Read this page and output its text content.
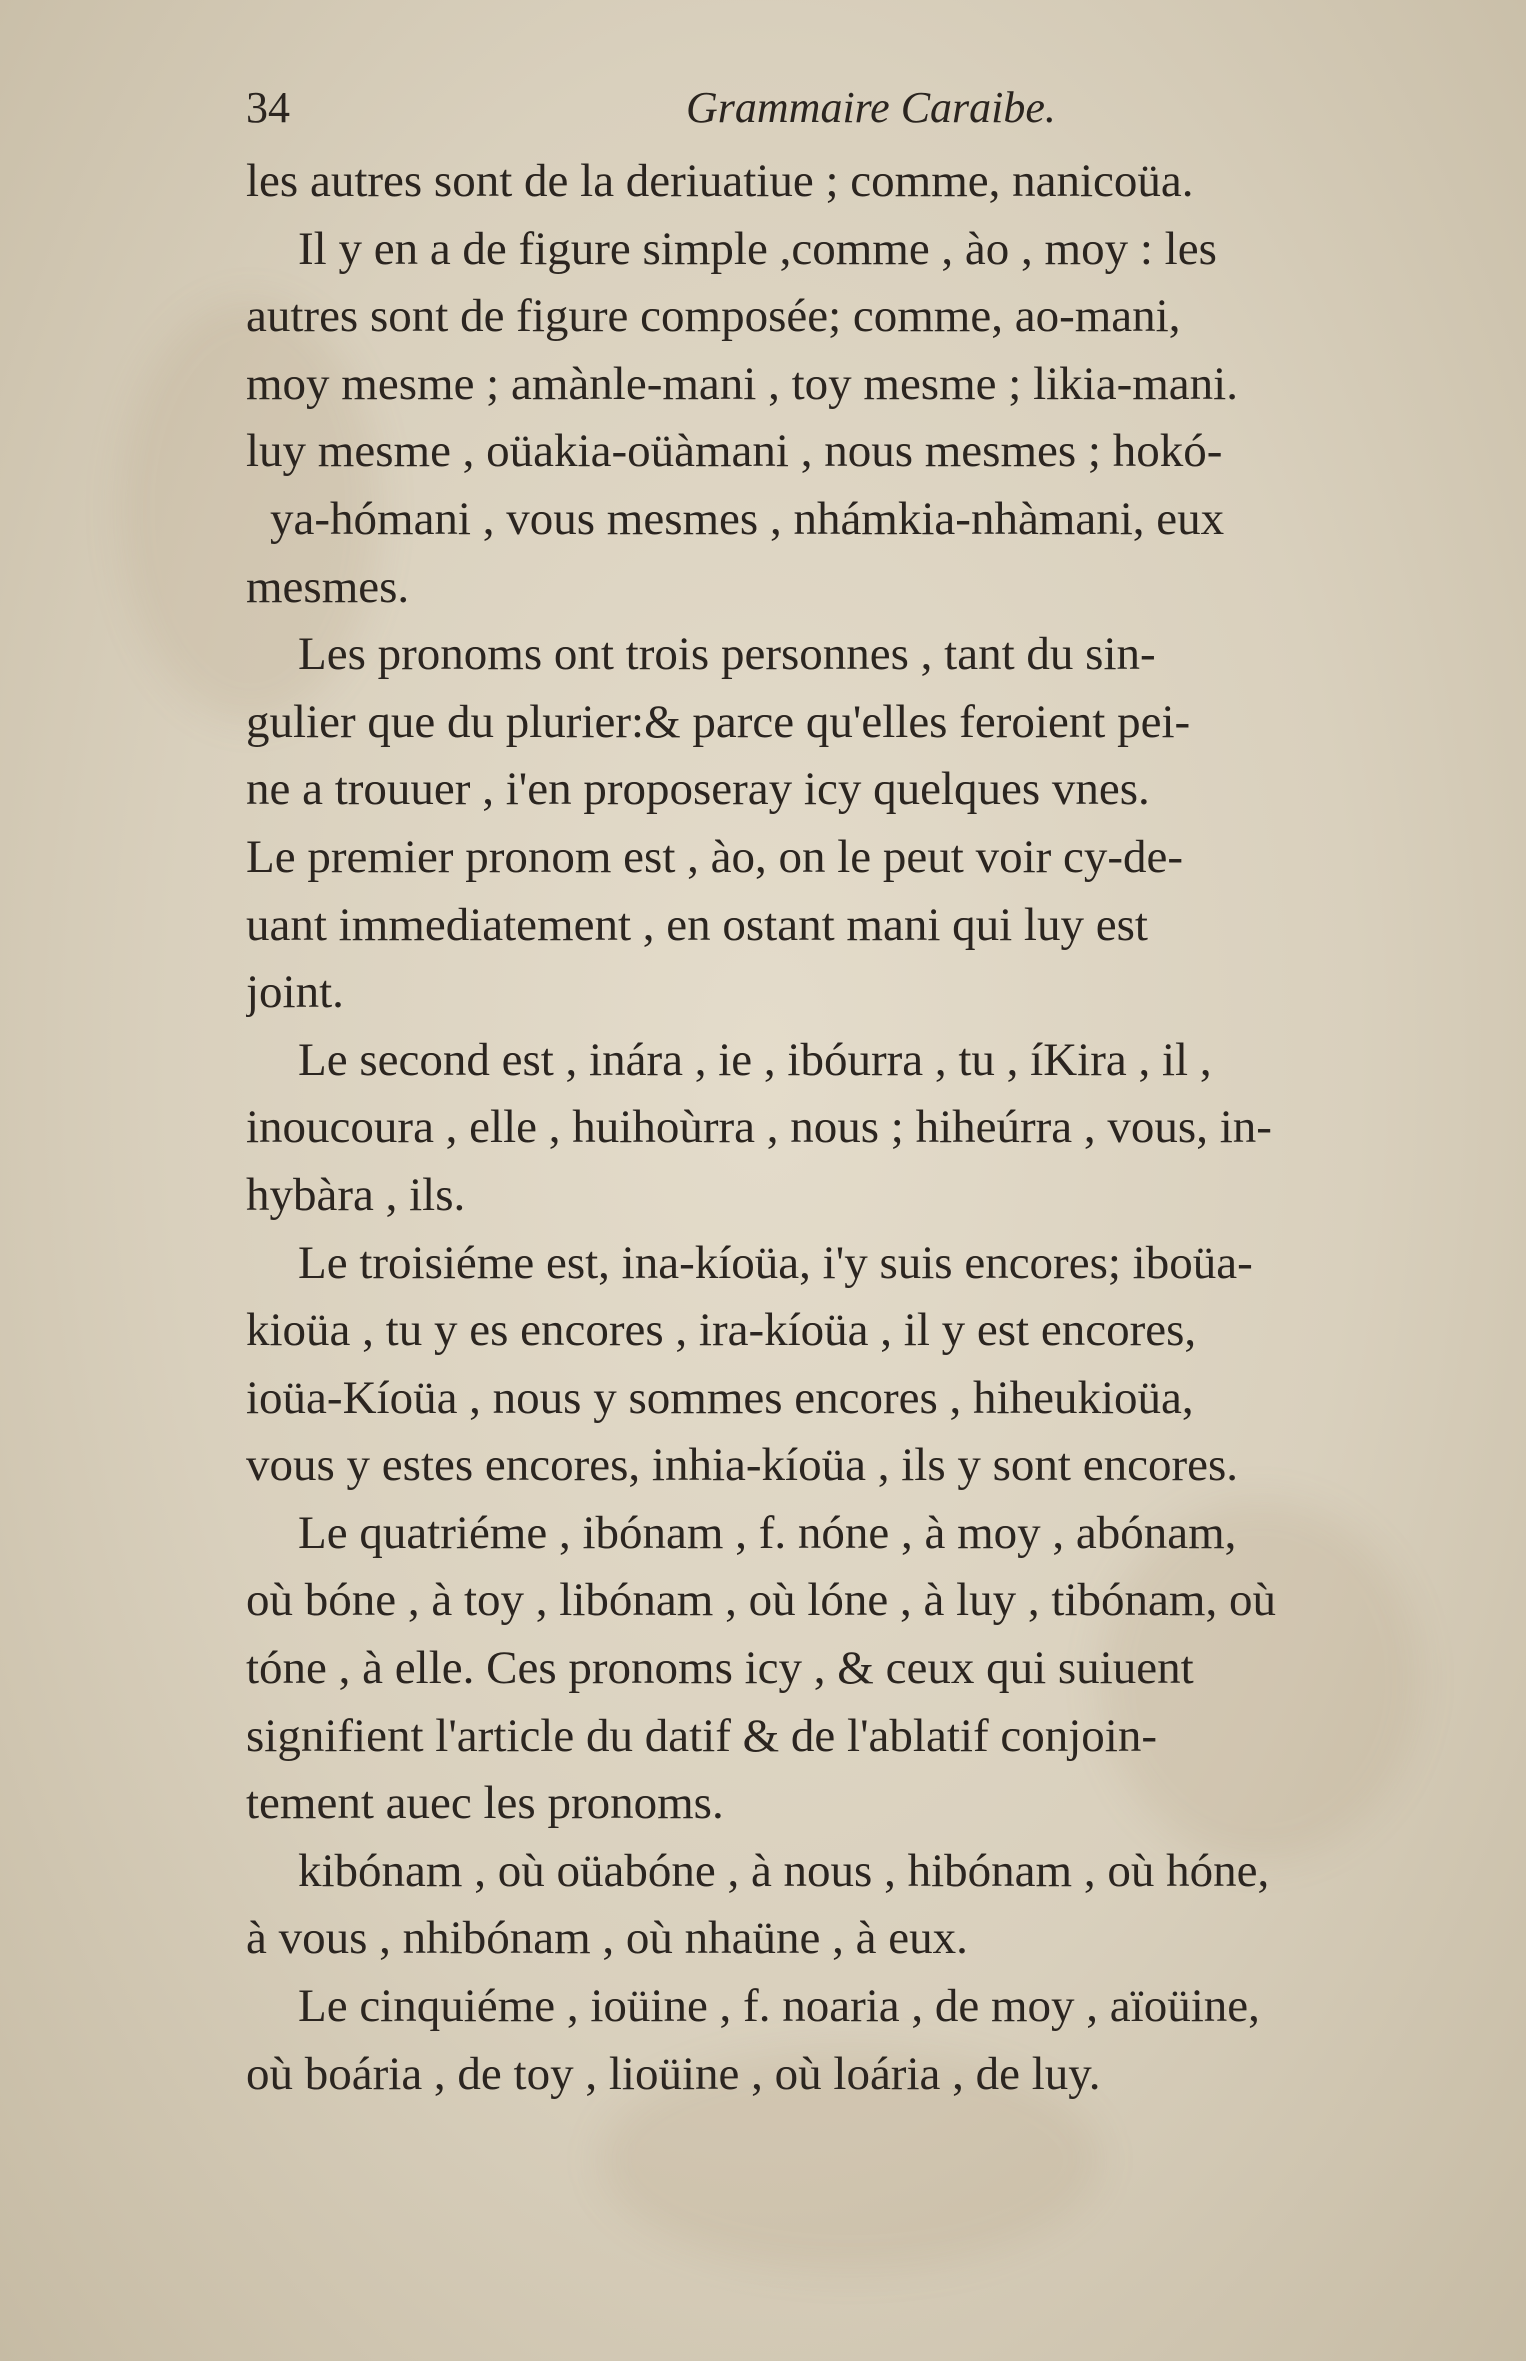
34	Grammaire Caraibe.
les autres sont de la deriuatiue ; comme, nanicoüa.
Il y en a de figure simple ,comme , ào , moy : les
autres sont de figure composée; comme, ao-mani,
moy mesme ; amànle-mani , toy mesme ; likia-mani.
luy mesme , oüakia-oüàmani , nous mesmes ; hokó-
ya-hómani , vous mesmes , nhámkia-nhàmani, eux
mesmes.
Les pronoms ont trois personnes , tant du sin-
gulier que du plurier:& parce qu'elles feroient pei-
ne a trouuer , i'en proposeray icy quelques vnes.
Le premier pronom est , ào, on le peut voir cy-de-
uant immediatement , en ostant mani qui luy est
joint.
Le second est , inára , ie , ibóurra , tu , íKira , il ,
inoucoura , elle , huihoùrra , nous ; hiheúrra , vous, in-
hybàra , ils.
Le troisiéme est, ina-kíoüa, i'y suis encores; iboüa-
kioüa , tu y es encores , ira-kíoüa , il y est encores,
ioüa-Kíoüa , nous y sommes encores , hiheukioüa,
vous y estes encores, inhia-kíoüa , ils y sont encores.
Le quatriéme , ibónam , f. nóne , à moy , abónam,
où bóne , à toy , libónam , où lóne , à luy , tibónam, où
tóne , à elle. Ces pronoms icy , & ceux qui suiuent
signifient l'article du datif & de l'ablatif conjoin-
tement auec les pronoms.
kibónam , où oüabóne , à nous , hibónam , où hóne,
à vous , nhibónam , où nhaüne , à eux.
Le cinquiéme , ioüine , f. noaria , de moy , aïoüine,
où boária , de toy , lioüine , où loária , de luy.
